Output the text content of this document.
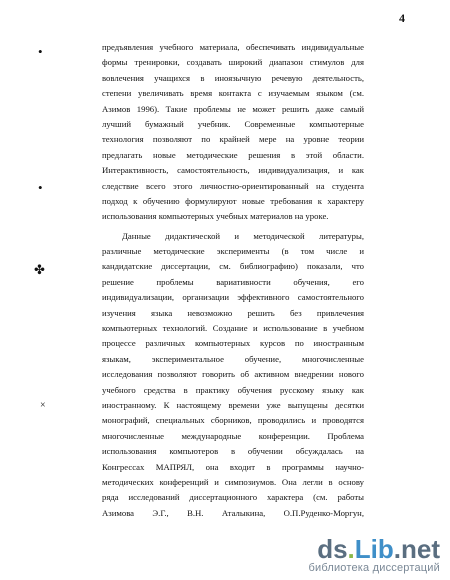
4
•
•
✤
×
предъявления учебного материала, обеспечивать индивидуальные
формы тренировки, создавать широкий диапазон стимулов для
вовлечения учащихся в иноязычную речевую деятельность,
степени увеличивать время контакта с изучаемым языком (см.
Азимов 1996). Такие проблемы не может решить даже самый
лучший бумажный учебник. Современные компьютерные
технология позволяют по крайней мере на уровне теории
предлагать новые методические решения в этой области.
Интерактивность, самостоятельность, индивидуализация, и как
следствие всего этого личностно-ориентированный на студента
подход к обучению формулируют новые требования к характеру
использования компьютерных учебных материалов на уроке.
Данные дидактической и методической литературы,
различные методические эксперименты (в том числе и
кандидатские диссертации, см. библиографию) показали, что
решение проблемы вариативности обучения, его
индивидуализации, организации эффективного самостоятельного
изучения языка невозможно решить без привлечения
компьютерных технологий. Создание и использование в учебном
процессе различных компьютерных курсов по иностранным
языкам, экспериментальное обучение, многочисленные
исследования позволяют говорить об активном внедрении нового
учебного средства в практику обучения русскому языку как
иностранному. К настоящему времени уже выпущены десятки
монографий, специальных сборников, проводились и проводятся
многочисленные международные конференции. Проблема
использования компьютеров в обучении обсуждалась на
Конгрессах МАПРЯЛ, она входит в программы научно-
методических конференций и симпозиумов. Она легли в основу
ряда исследований диссертационного характера (см. работы
Азимова Э.Г., В.Н. Аталыкина, О.П.Руденко-Моргун,
ds.Lib.net
библиотека диссертаций
